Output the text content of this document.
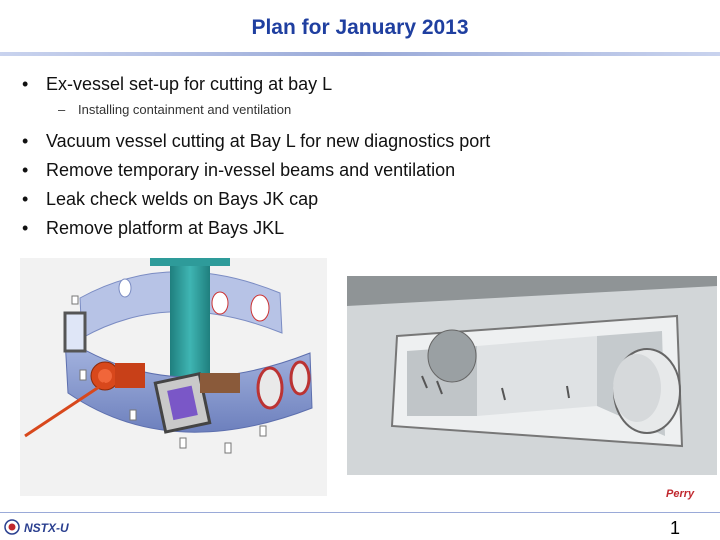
Plan for January 2013

• Ex-vessel set-up for cutting at bay L

– Installing containment and ventilation

• Vacuum vessel cutting at Bay L for new diagnostics port

• Remove temporary in-vessel beams and ventilation

• Leak check welds on Bays JK cap

• Remove platform at Bays JKL

Perry
NSTX-U	1
